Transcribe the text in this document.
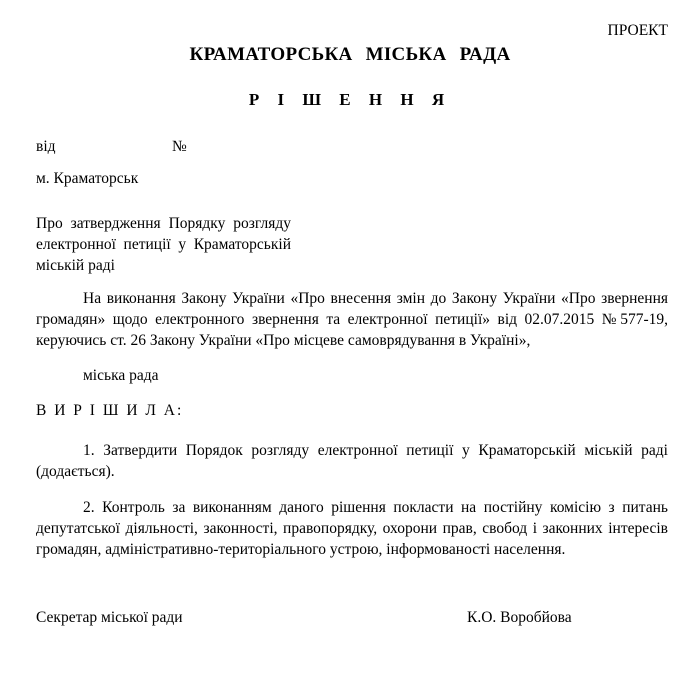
ПРОЕКТ
КРАМАТОРСЬКА МІСЬКА РАДА
Р І Ш Е Н Н Я
від	№
м. Краматорськ
Про затвердження Порядку розгляду електронної петиції у Краматорській міській раді
На виконання Закону України «Про внесення змін до Закону України «Про звернення громадян» щодо електронного звернення та електронної петиції» від 02.07.2015 №577-19, керуючись ст. 26 Закону України «Про місцеве самоврядування в Україні»,
міська рада
В И Р І Ш И Л А:
1. Затвердити Порядок розгляду електронної петиції у Краматорській міській раді (додається).
2. Контроль за виконанням даного рішення покласти на постійну комісію з питань депутатської діяльності, законності, правопорядку, охорони прав, свобод і законних інтересів громадян, адміністративно-територіального устрою, інформованості населення.
Секретар міської ради	К.О. Воробйова
